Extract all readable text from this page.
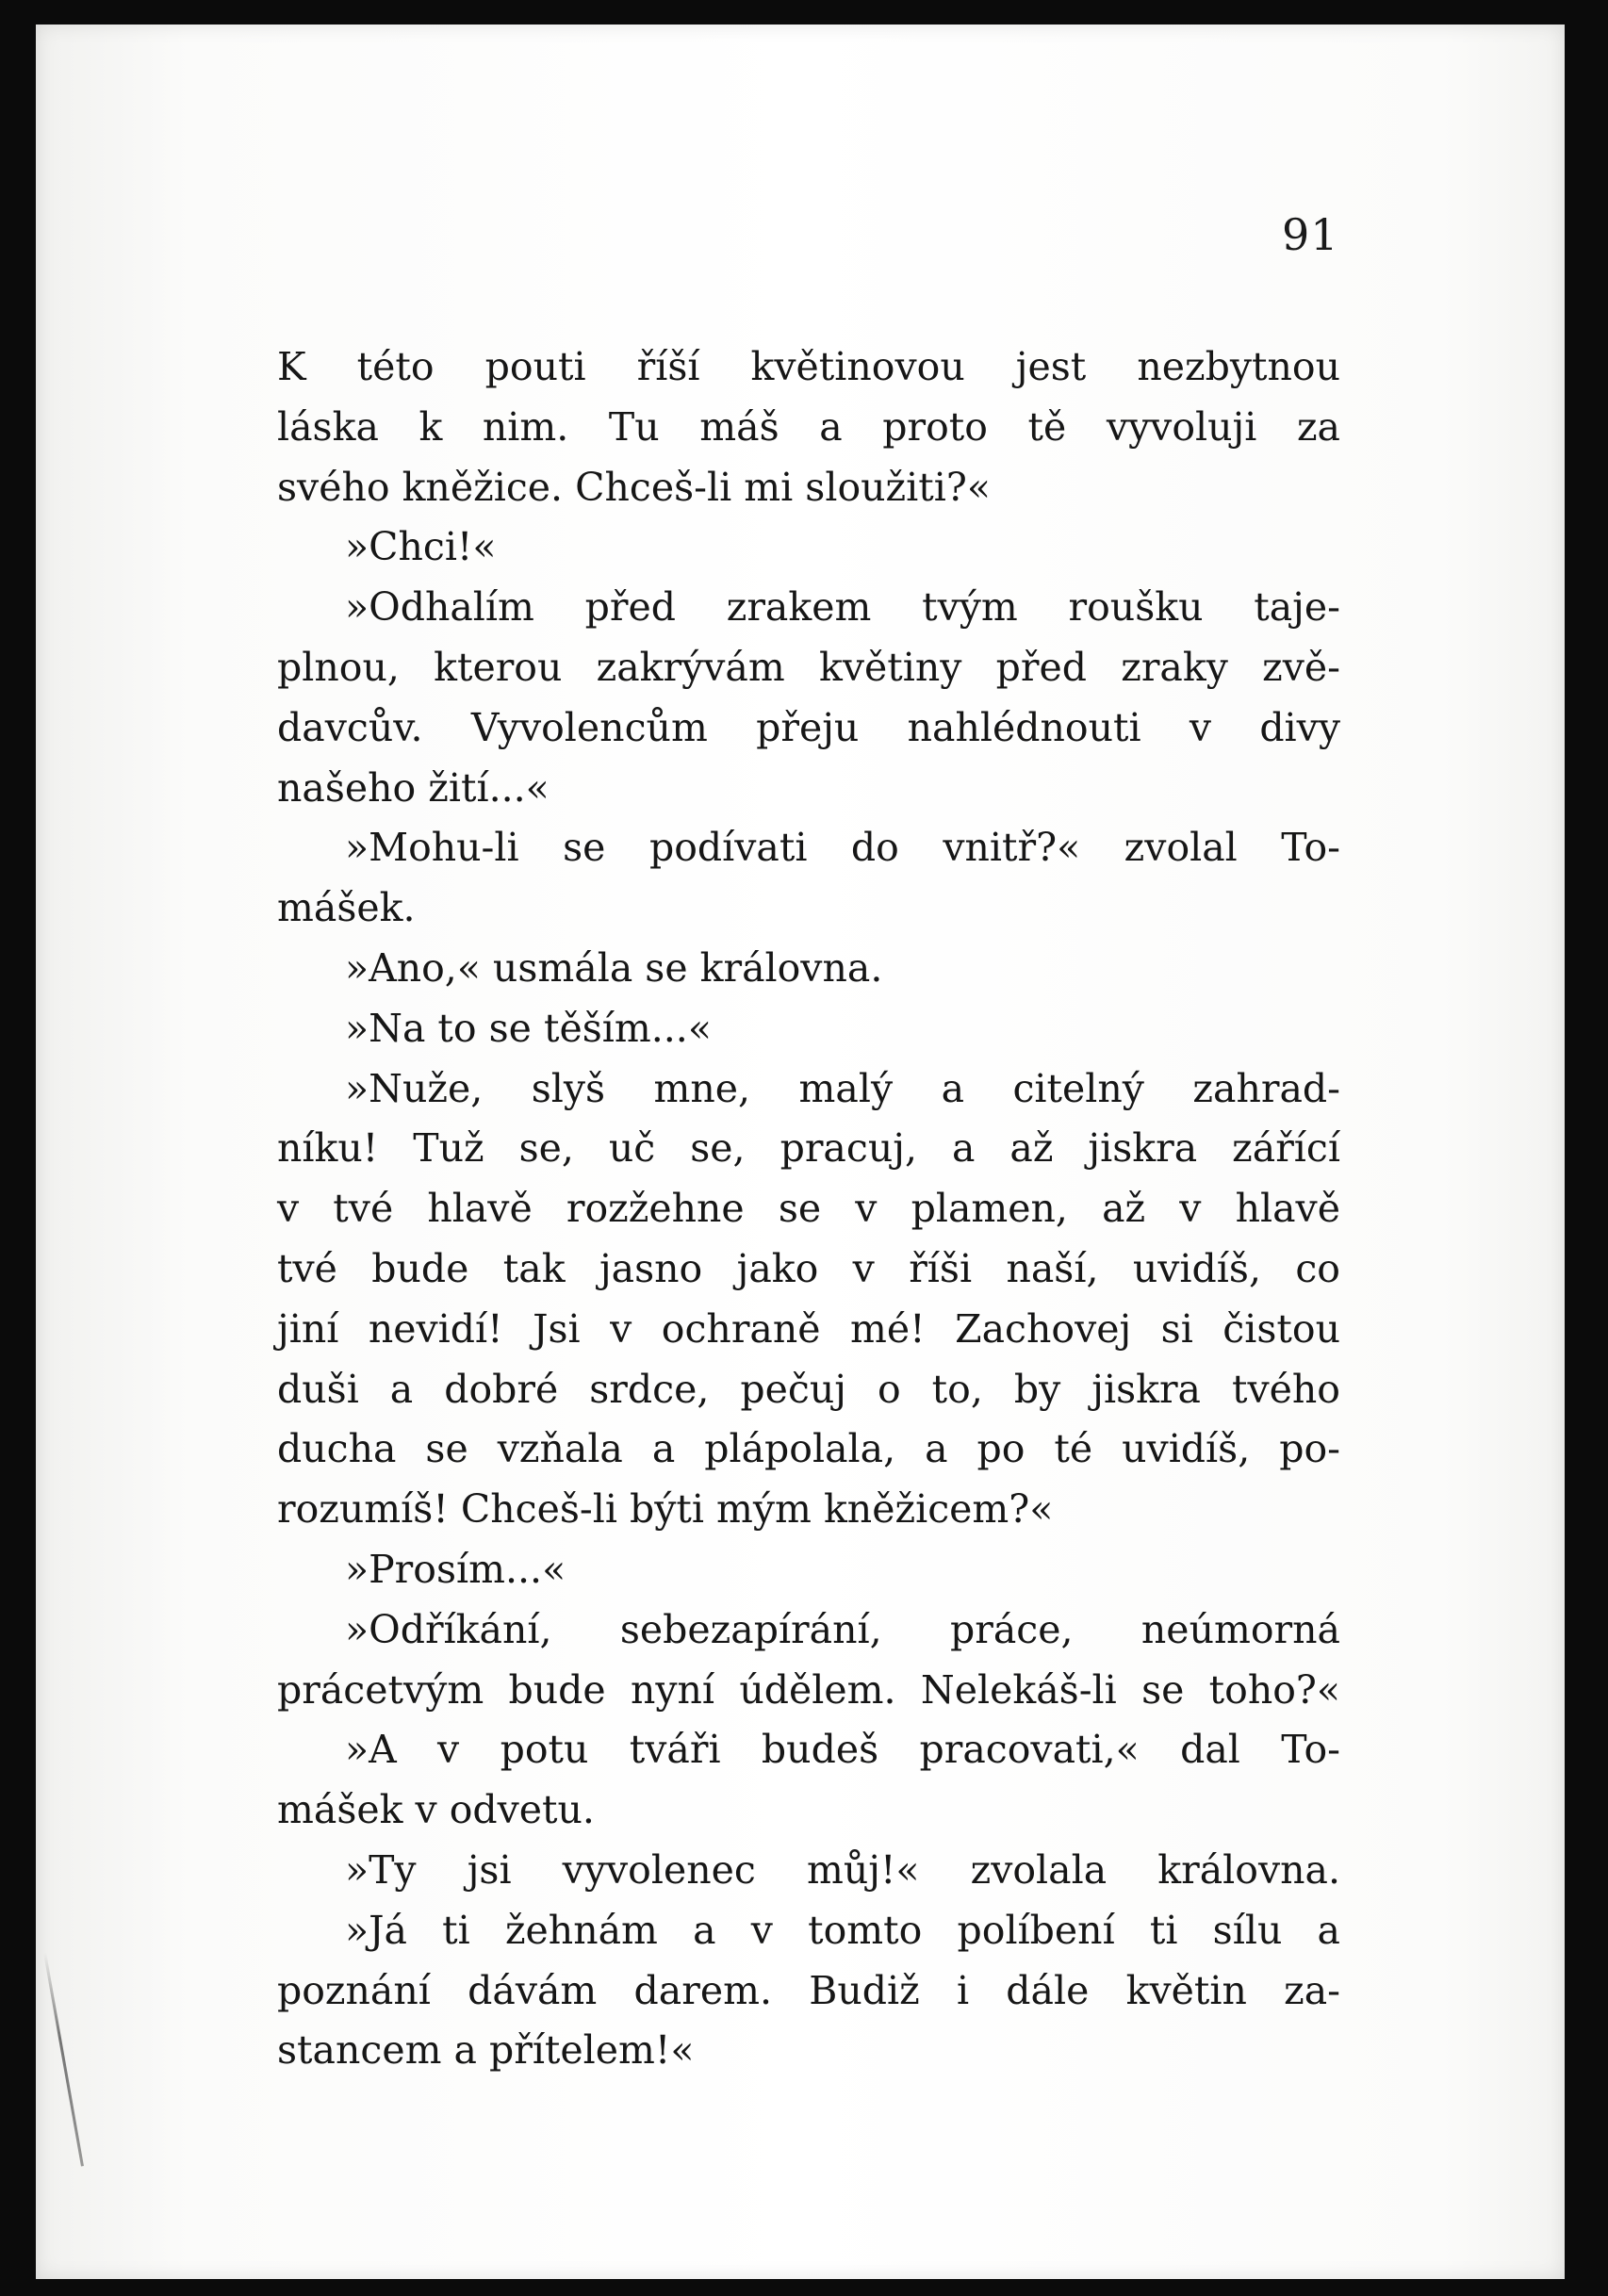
91
K této pouti říší květinovou jest nezbytnou
láska k nim. Tu máš a proto tě vyvoluji za
svého kněžice. Chceš-li mi sloužiti?«
»Chci!«
»Odhalím před zrakem tvým roušku taje-
plnou, kterou zakrývám květiny před zraky zvě-
davcův. Vyvolencům přeju nahlédnouti v divy
našeho žití...«
»Mohu-li se podívati do vnitř?« zvolal To-
mášek.
»Ano,« usmála se královna.
»Na to se těším...«
»Nuže, slyš mne, malý a citelný zahrad-
níku! Tuž se, uč se, pracuj, a až jiskra zářící
v tvé hlavě rozžehne se v plamen, až v hlavě
tvé bude tak jasno jako v říši naší, uvidíš, co
jiní nevidí! Jsi v ochraně mé! Zachovej si čistou
duši a dobré srdce, pečuj o to, by jiskra tvého
ducha se vzňala a plápolala, a po té uvidíš, po-
rozumíš! Chceš-li býti mým kněžicem?«
»Prosím...«
»Odříkání, sebezapírání, práce, neúmorná
prácetvým bude nyní údělem. Nelekáš-li se toho?«
»A v potu tváři budeš pracovati,« dal To-
mášek v odvetu.
»Ty jsi vyvolenec můj!« zvolala královna.
»Já ti žehnám a v tomto políbení ti sílu a
poznání dávám darem. Budiž i dále květin za-
stancem a přítelem!«
